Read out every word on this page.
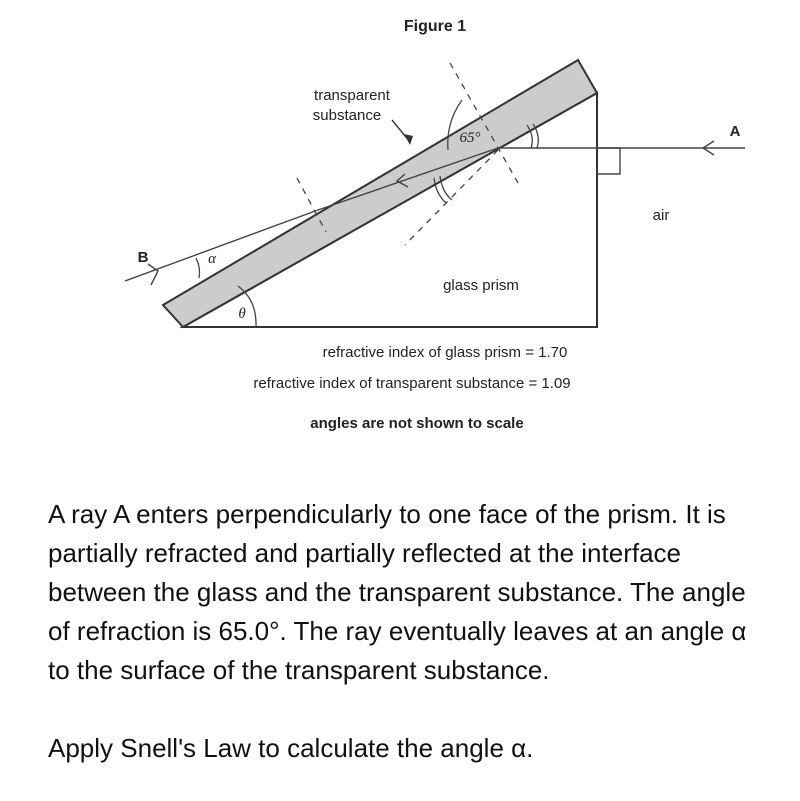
Figure 1
65°
α
θ
transparent
substance
A
air
B
glass prism
refractive index of glass prism = 1.70
refractive index of transparent substance = 1.09
angles are not shown to scale

A ray A enters perpendicularly to one face of the prism. It is partially refracted and partially reflected at the interface between the glass and the transparent substance. The angle of refraction is 65.0°. The ray eventually leaves at an angle α to the surface of the transparent substance.

Apply Snell's Law to calculate the angle α.
